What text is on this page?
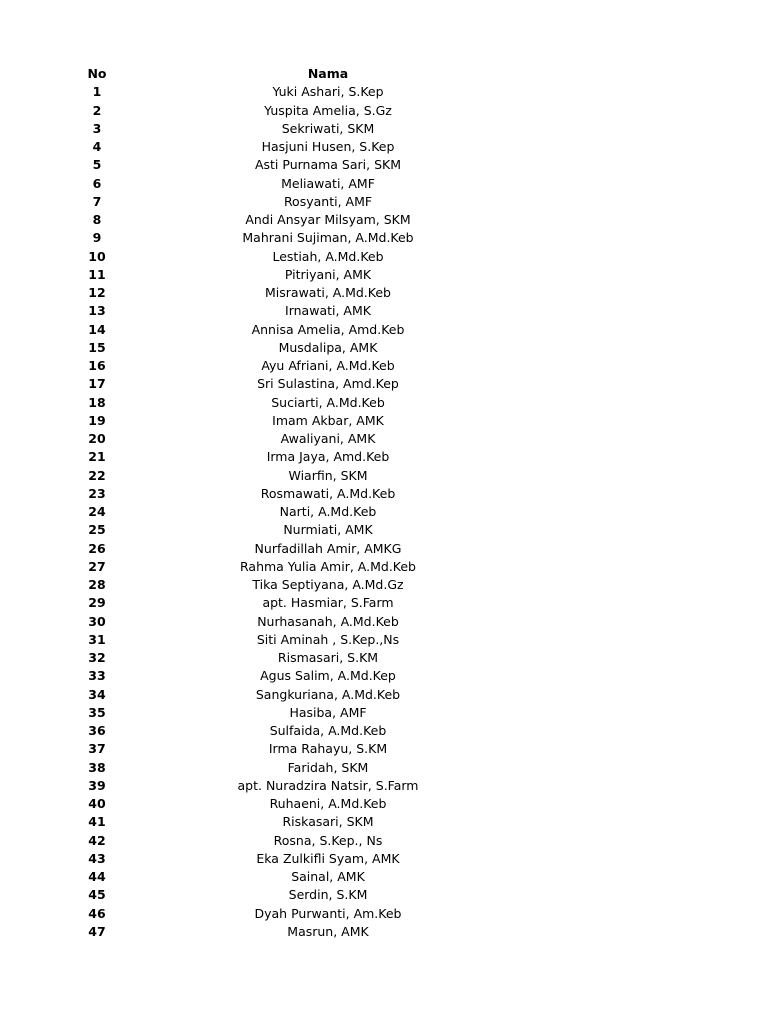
No	Nama
1	Yuki Ashari, S.Kep
2	Yuspita Amelia, S.Gz
3	Sekriwati, SKM
4	Hasjuni Husen, S.Kep
5	Asti Purnama Sari, SKM
6	Meliawati, AMF
7	Rosyanti, AMF
8	Andi Ansyar Milsyam, SKM
9	Mahrani Sujiman, A.Md.Keb
10	Lestiah, A.Md.Keb
11	Pitriyani, AMK
12	Misrawati, A.Md.Keb
13	Irnawati, AMK
14	Annisa Amelia, Amd.Keb
15	Musdalipa, AMK
16	Ayu Afriani, A.Md.Keb
17	Sri Sulastina, Amd.Kep
18	Suciarti, A.Md.Keb
19	Imam Akbar, AMK
20	Awaliyani, AMK
21	Irma Jaya, Amd.Keb
22	Wiarfin, SKM
23	Rosmawati, A.Md.Keb
24	Narti, A.Md.Keb
25	Nurmiati, AMK
26	Nurfadillah Amir, AMKG
27	Rahma Yulia Amir, A.Md.Keb
28	Tika Septiyana, A.Md.Gz
29	apt. Hasmiar, S.Farm
30	Nurhasanah, A.Md.Keb
31	Siti Aminah , S.Kep.,Ns
32	Rismasari, S.KM
33	Agus Salim, A.Md.Kep
34	Sangkuriana, A.Md.Keb
35	Hasiba, AMF
36	Sulfaida, A.Md.Keb
37	Irma Rahayu, S.KM
38	Faridah, SKM
39	apt. Nuradzira Natsir, S.Farm
40	Ruhaeni, A.Md.Keb
41	Riskasari, SKM
42	Rosna, S.Kep., Ns
43	Eka Zulkifli Syam, AMK
44	Sainal, AMK
45	Serdin, S.KM
46	Dyah Purwanti, Am.Keb
47	Masrun, AMK
